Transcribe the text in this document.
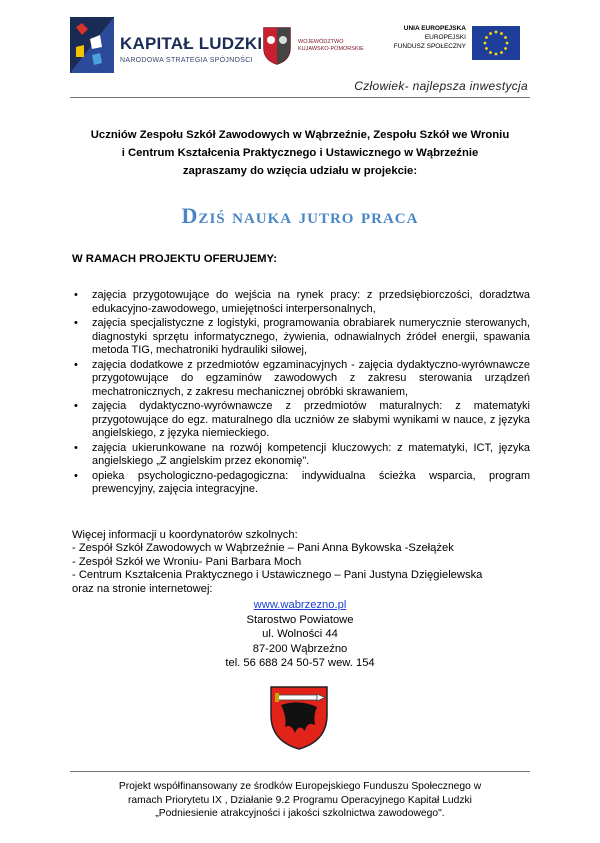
KAPITAŁ LUDZKI
NARODOWA STRATEGIA SPÓJNOŚCI
WOJEWÓDZTWO KUJAWSKO-POMORSKIE
UNIA EUROPEJSKA
EUROPEJSKI
FUNDUSZ SPOŁECZNY
Człowiek- najlepsza inwestycja
Uczniów Zespołu Szkół Zawodowych w Wąbrzeźnie, Zespołu Szkół we Wroniu
i Centrum Kształcenia Praktycznego i Ustawicznego w Wąbrzeźnie
zapraszamy do wzięcia udziału w projekcie:
Dziś nauka jutro praca
W RAMACH PROJEKTU OFERUJEMY:
• zajęcia przygotowujące do wejścia na rynek pracy: z przedsiębiorczości, doradztwa edukacyjno-zawodowego, umiejętności interpersonalnych,
• zajęcia specjalistyczne z logistyki, programowania obrabiarek numerycznie sterowanych, diagnostyki sprzętu informatycznego, żywienia, odnawialnych źródeł energii, spawania metoda TIG, mechatroniki hydrauliki siłowej,
• zajęcia dodatkowe z przedmiotów egzaminacyjnych - zajęcia dydaktyczno-wyrównawcze przygotowujące do egzaminów zawodowych z zakresu sterowania urządzeń mechatronicznych, z zakresu mechanicznej obróbki skrawaniem,
• zajęcia dydaktyczno-wyrównawcze z przedmiotów maturalnych: z matematyki przygotowujące do egz. maturalnego dla uczniów ze słabymi wynikami w nauce, z języka angielskiego, z języka niemieckiego.
• zajęcia ukierunkowane na rozwój kompetencji kluczowych: z matematyki, ICT, języka angielskiego „Z angielskim przez ekonomię".
• opieka psychologiczno-pedagogiczna: indywidualna ścieżka wsparcia, program prewencyjny, zajęcia integracyjne.
Więcej informacji u koordynatorów szkolnych:
- Zespół Szkół Zawodowych w Wąbrzeźnie – Pani Anna Bykowska -Szełążek
- Zespół Szkół we Wroniu- Pani Barbara Moch
- Centrum Kształcenia Praktycznego i Ustawicznego – Pani Justyna Dzięgielewska
oraz na stronie internetowej:
www.wabrzezno.pl
Starostwo Powiatowe
ul. Wolności 44
87-200 Wąbrzeźno
tel. 56 688 24 50-57 wew. 154
Projekt współfinansowany ze środków Europejskiego Funduszu Społecznego w
ramach Priorytetu IX , Działanie 9.2 Programu Operacyjnego Kapitał Ludzki
„Podniesienie atrakcyjności i jakości szkolnictwa zawodowego".
